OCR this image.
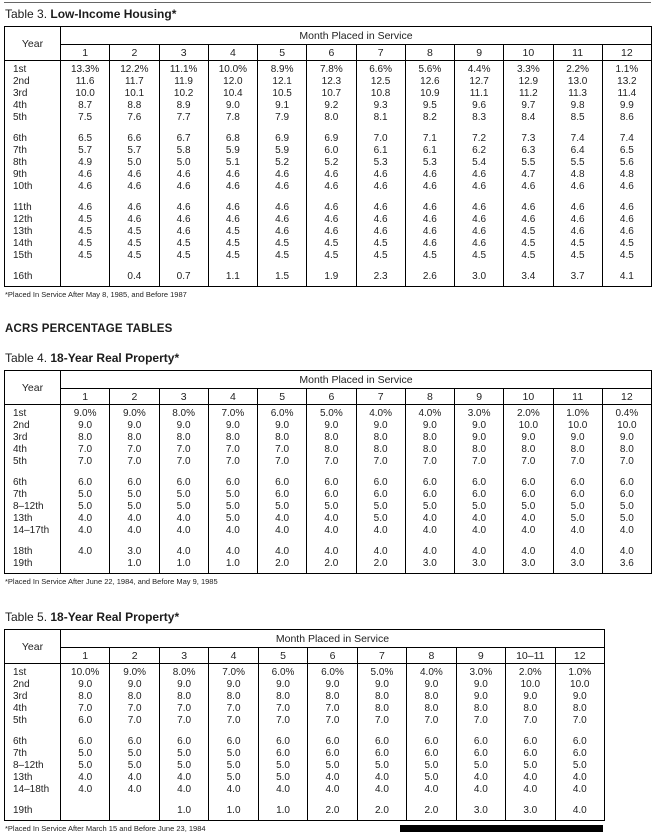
Table 3. Low-Income Housing*
Year	Month Placed in Service											
	1	2	3	4	5	6	7	8	9	10	11	12

1st	13.3%	12.2%	11.1%	10.0%	8.9%	7.8%	6.6%	5.6%	4.4%	3.3%	2.2%	1.1%
2nd	11.6	11.7	11.9	12.0	12.1	12.3	12.5	12.6	12.7	12.9	13.0	13.2
3rd	10.0	10.1	10.2	10.4	10.5	10.7	10.8	10.9	11.1	11.2	11.3	11.4
4th	8.7	8.8	8.9	9.0	9.1	9.2	9.3	9.5	9.6	9.7	9.8	9.9
5th	7.5	7.6	7.7	7.8	7.9	8.0	8.1	8.2	8.3	8.4	8.5	8.6

6th	6.5	6.6	6.7	6.8	6.9	6.9	7.0	7.1	7.2	7.3	7.4	7.4
7th	5.7	5.7	5.8	5.9	5.9	6.0	6.1	6.1	6.2	6.3	6.4	6.5
8th	4.9	5.0	5.0	5.1	5.2	5.2	5.3	5.3	5.4	5.5	5.5	5.6
9th	4.6	4.6	4.6	4.6	4.6	4.6	4.6	4.6	4.6	4.7	4.8	4.8
10th	4.6	4.6	4.6	4.6	4.6	4.6	4.6	4.6	4.6	4.6	4.6	4.6

11th	4.6	4.6	4.6	4.6	4.6	4.6	4.6	4.6	4.6	4.6	4.6	4.6
12th	4.5	4.6	4.6	4.6	4.6	4.6	4.6	4.6	4.6	4.6	4.6	4.6
13th	4.5	4.5	4.6	4.5	4.6	4.6	4.6	4.6	4.6	4.5	4.6	4.6
14th	4.5	4.5	4.5	4.5	4.5	4.5	4.5	4.6	4.6	4.5	4.5	4.5
15th	4.5	4.5	4.5	4.5	4.5	4.5	4.5	4.5	4.5	4.5	4.5	4.5

16th		0.4	0.7	1.1	1.5	1.9	2.3	2.6	3.0	3.4	3.7	4.1

*Placed In Service After May 8, 1985, and Before 1987
ACRS PERCENTAGE TABLES
Table 4. 18-Year Real Property*
Year	Month Placed in Service											
	1	2	3	4	5	6	7	8	9	10	11	12

1st	9.0%	9.0%	8.0%	7.0%	6.0%	5.0%	4.0%	4.0%	3.0%	2.0%	1.0%	0.4%
2nd	9.0	9.0	9.0	9.0	9.0	9.0	9.0	9.0	9.0	10.0	10.0	10.0
3rd	8.0	8.0	8.0	8.0	8.0	8.0	8.0	8.0	9.0	9.0	9.0	9.0
4th	7.0	7.0	7.0	7.0	7.0	8.0	8.0	8.0	8.0	8.0	8.0	8.0
5th	7.0	7.0	7.0	7.0	7.0	7.0	7.0	7.0	7.0	7.0	7.0	7.0

6th	6.0	6.0	6.0	6.0	6.0	6.0	6.0	6.0	6.0	6.0	6.0	6.0
7th	5.0	5.0	5.0	5.0	6.0	6.0	6.0	6.0	6.0	6.0	6.0	6.0
8–12th	5.0	5.0	5.0	5.0	5.0	5.0	5.0	5.0	5.0	5.0	5.0	5.0
13th	4.0	4.0	4.0	5.0	4.0	4.0	5.0	4.0	4.0	4.0	5.0	5.0
14–17th	4.0	4.0	4.0	4.0	4.0	4.0	4.0	4.0	4.0	4.0	4.0	4.0

18th	4.0	3.0	4.0	4.0	4.0	4.0	4.0	4.0	4.0	4.0	4.0	4.0
19th		1.0	1.0	1.0	2.0	2.0	2.0	3.0	3.0	3.0	3.0	3.6

*Placed In Service After June 22, 1984, and Before May 9, 1985
Table 5. 18-Year Real Property*
Year	Month Placed in Service										
	1	2	3	4	5	6	7	8	9	10–11	12

1st	10.0%	9.0%	8.0%	7.0%	6.0%	6.0%	5.0%	4.0%	3.0%	2.0%	1.0%
2nd	9.0	9.0	9.0	9.0	9.0	9.0	9.0	9.0	9.0	10.0	10.0
3rd	8.0	8.0	8.0	8.0	8.0	8.0	8.0	8.0	9.0	9.0	9.0
4th	7.0	7.0	7.0	7.0	7.0	7.0	8.0	8.0	8.0	8.0	8.0
5th	6.0	7.0	7.0	7.0	7.0	7.0	7.0	7.0	7.0	7.0	7.0

6th	6.0	6.0	6.0	6.0	6.0	6.0	6.0	6.0	6.0	6.0	6.0
7th	5.0	5.0	5.0	5.0	6.0	6.0	6.0	6.0	6.0	6.0	6.0
8–12th	5.0	5.0	5.0	5.0	5.0	5.0	5.0	5.0	5.0	5.0	5.0
13th	4.0	4.0	4.0	5.0	5.0	4.0	4.0	5.0	4.0	4.0	4.0
14–18th	4.0	4.0	4.0	4.0	4.0	4.0	4.0	4.0	4.0	4.0	4.0

19th			1.0	1.0	1.0	2.0	2.0	2.0	3.0	3.0	4.0

*Placed In Service After March 15 and Before June 23, 1984
